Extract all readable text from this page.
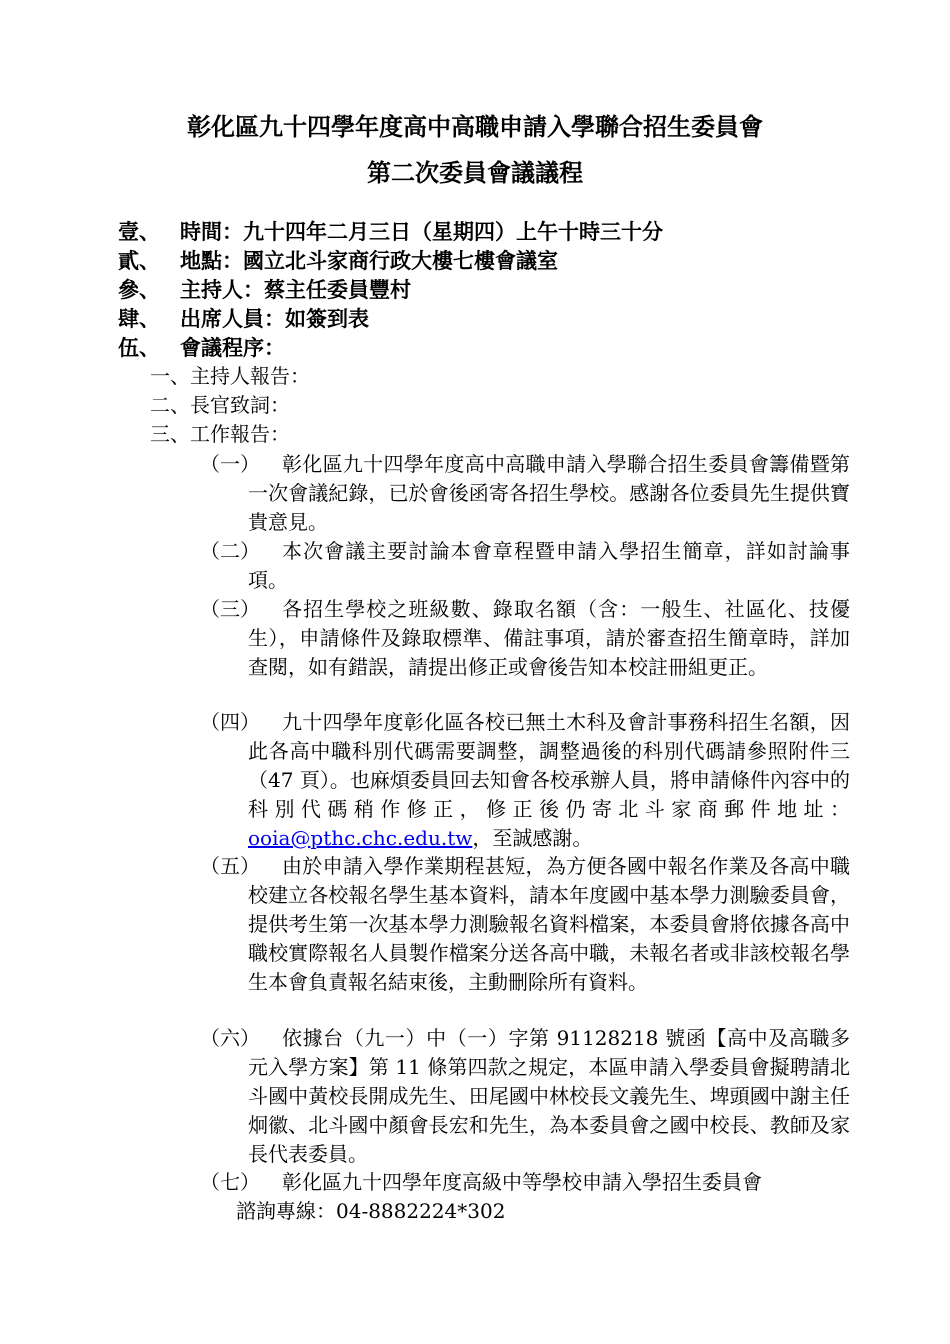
彰化區九十四學年度高中高職申請入學聯合招生委員會
第二次委員會議議程
壹、 時間：九十四年二月三日（星期四）上午十時三十分
貳、 地點：國立北斗家商行政大樓七樓會議室
參、 主持人：蔡主任委員豐村
肆、 出席人員：如簽到表
伍、 會議程序：
一、主持人報告：
二、長官致詞：
三、工作報告：
（一）	彰化區九十四學年度高中高職申請入學聯合招生委員會籌備暨第一次會議紀錄，已於會後函寄各招生學校。感謝各位委員先生提供寶貴意見。
（二）	本次會議主要討論本會章程暨申請入學招生簡章，詳如討論事項。
（三）	各招生學校之班級數、錄取名額（含：一般生、社區化、技優生），申請條件及錄取標準、備註事項，請於審查招生簡章時，詳加查閱，如有錯誤，請提出修正或會後告知本校註冊組更正。
（四）	九十四學年度彰化區各校已無土木科及會計事務科招生名額，因此各高中職科別代碼需要調整，調整過後的科別代碼請參照附件三（47 頁）。也麻煩委員回去知會各校承辦人員，將申請條件內容中的科別代碼稍作修正，修正後仍寄北斗家商郵件地址：ooia@pthc.chc.edu.tw，至誠感謝。
（五）	由於申請入學作業期程甚短，為方便各國中報名作業及各高中職校建立各校報名學生基本資料，請本年度國中基本學力測驗委員會，提供考生第一次基本學力測驗報名資料檔案，本委員會將依據各高中職校實際報名人員製作檔案分送各高中職，未報名者或非該校報名學生本會負責報名結束後，主動刪除所有資料。
（六）	依據台（九一）中（一）字第 91128218 號函【高中及高職多元入學方案】第 11 條第四款之規定，本區申請入學委員會擬聘請北斗國中黃校長開成先生、田尾國中林校長文義先生、埤頭國中謝主任炯徽、北斗國中顏會長宏和先生，為本委員會之國中校長、教師及家長代表委員。
（七）	彰化區九十四學年度高級中等學校申請入學招生委員會
諮詢專線：04-8882224*302
